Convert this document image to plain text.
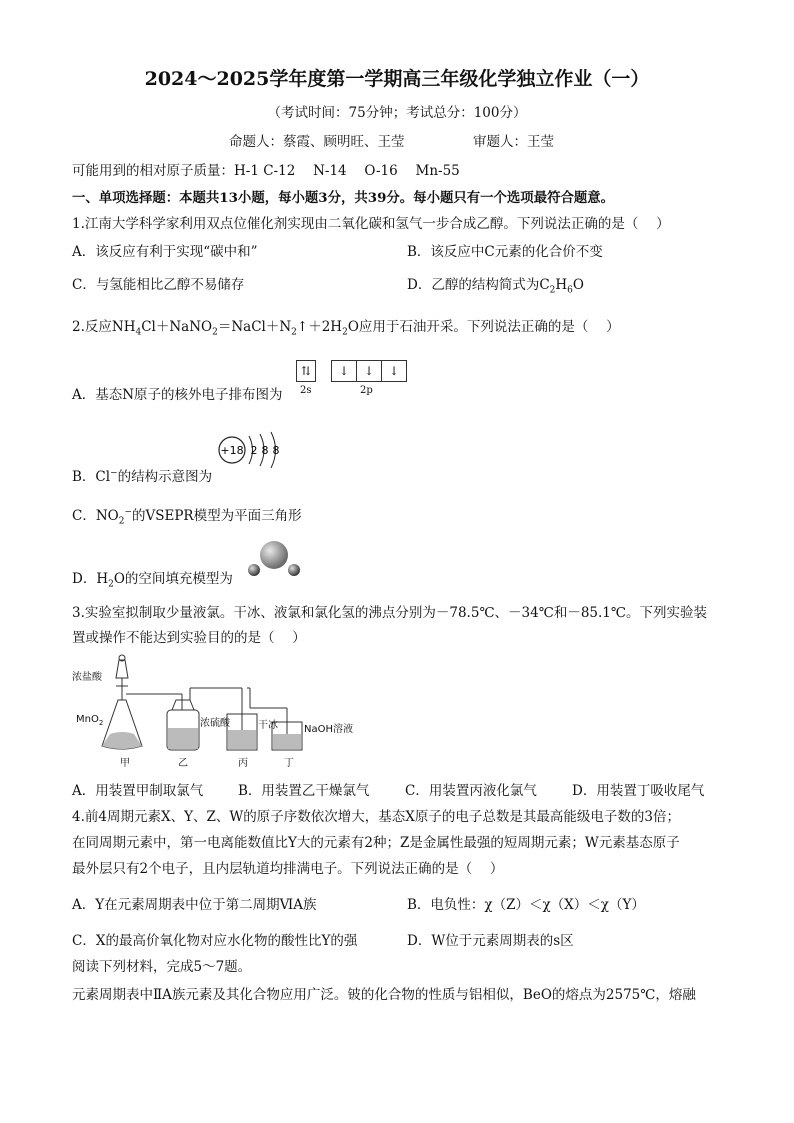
2024～2025学年度第一学期高三年级化学独立作业（一）
（考试时间：75分钟；考试总分：100分）
命题人：蔡霞、顾明旺、王莹	审题人：王莹
可能用到的相对原子质量：H-1 C-12　 N-14　 O-16　 Mn-55
一、单项选择题：本题共13小题，每小题3分，共39分。每小题只有一个选项最符合题意。
1.江南大学科学家利用双点位催化剂实现由二氧化碳和氢气一步合成乙醇。下列说法正确的是（　 ）
A．该反应有利于实现“碳中和”	B．该反应中C元素的化合价不变
C．与氢能相比乙醇不易储存	D．乙醇的结构简式为$C_2H_6O$
2.反应$NH_4Cl+NaNO_2=NaCl+N_2↑+2H_2O$应用于石油开采。下列说法正确的是（　 ）
A．基态N原子的核外电子排布图为
⇅	↓	↓	↓
2s	2p
B．Cl−的结构示意图为
+18 2 8 8
C．$NO_2^-$的VSEPR模型为平面三角形
D．$H_2O$的空间填充模型为
3.实验室拟制取少量液氯。干冰、液氯和氯化氢的沸点分别为－78.5℃、－34℃和－85.1℃。下列实验装
置或操作不能达到实验目的的是（　 ）
浓盐酸
MnO$_2$	浓硫酸	干冰	NaOH溶液
甲	乙	丙	丁
A．用装置甲制取氯气	B．用装置乙干燥氯气	C．用装置丙液化氯气	D．用装置丁吸收尾气
4.前4周期元素X、Y、Z、W的原子序数依次增大，基态X原子的电子总数是其最高能级电子数的3倍；
在同周期元素中，第一电离能数值比Y大的元素有2种；Z是金属性最强的短周期元素；W元素基态原子
最外层只有2个电子，且内层轨道均排满电子。下列说法正确的是（　 ）
A．Y在元素周期表中位于第二周期ⅥA族	B．电负性：χ（Z）＜χ（X）＜χ（Y）
C．X的最高价氧化物对应水化物的酸性比Y的强	D．W位于元素周期表的s区
阅读下列材料，完成5～7题。
元素周期表中ⅡA族元素及其化合物应用广泛。铍的化合物的性质与铝相似，BeO的熔点为2575℃，熔融
